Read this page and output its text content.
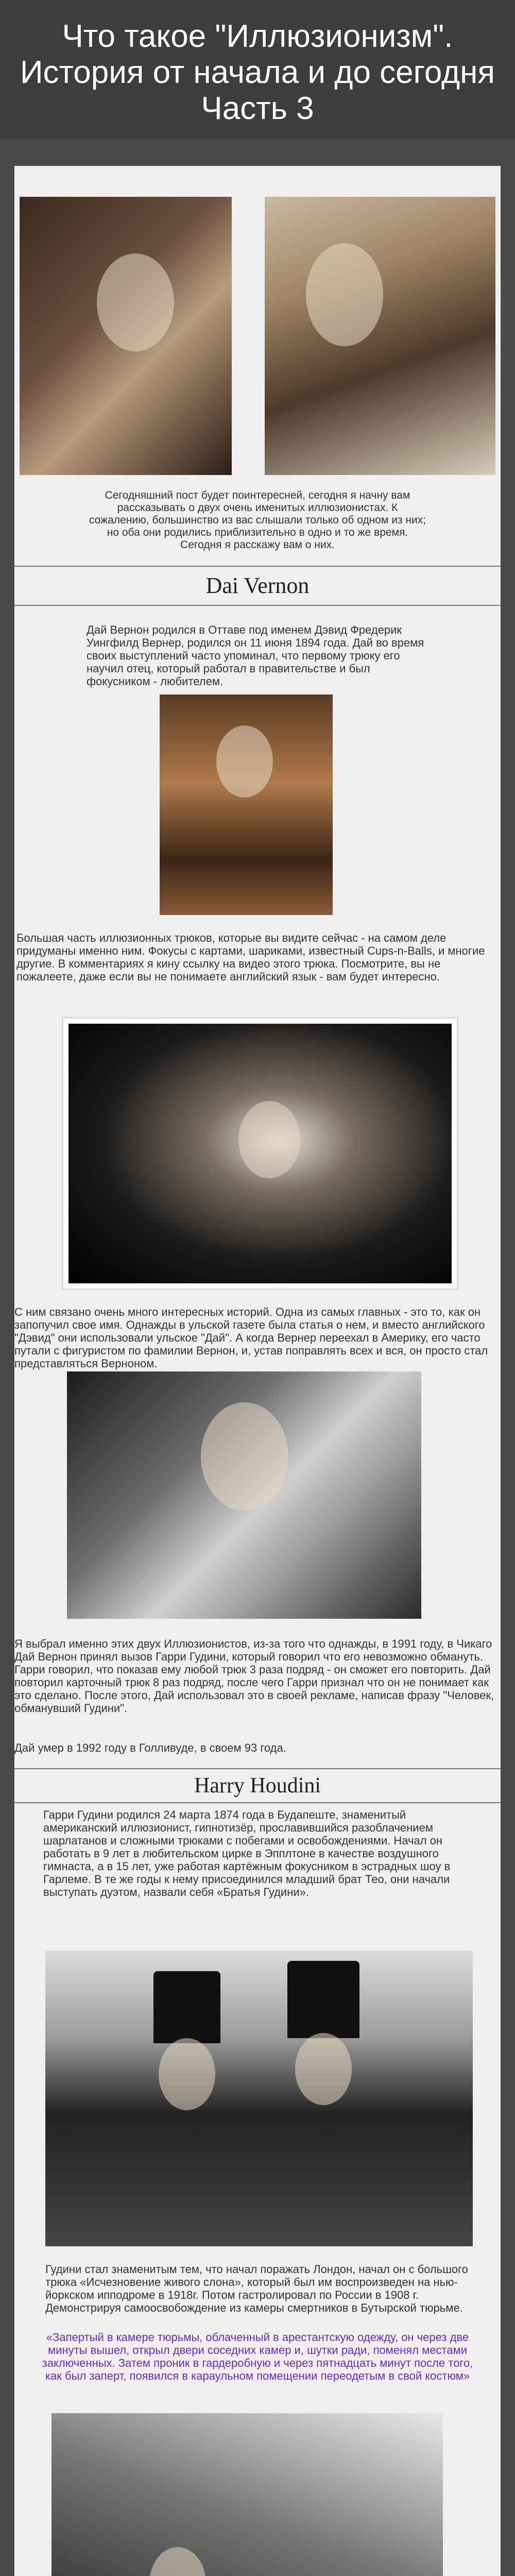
Что такое "Иллюзионизм".
История от начала и до сегодня
Часть 3
Сегодняшний пост будет поинтересней, сегодня я начну вам рассказывать о двух очень именитых иллюзионистах. К сожалению, большинство из вас слышали только об одном из них; но оба они родились приблизительно в одно и то же время. Сегодня я расскажу вам о них.
Dai Vernon
Дай Вернон родился в Оттаве под именем Дэвид Фредерик Уингфилд Вернер, родился он 11 июня 1894 года. Дай во время своих выступлений часто упоминал, что первому трюку его научил отец, который работал в правительстве и был фокусником - любителем.
Большая часть иллюзионных трюков, которые вы видите сейчас - на самом деле придуманы именно ним. Фокусы с картами, шариками, известный Cups-n-Balls, и многие другие. В комментариях я кину ссылку на видео этого трюка. Посмотрите, вы не пожалеете, даже если вы не понимаете английский язык - вам будет интересно.
С ним связано очень много интересных историй. Одна из самых главных - это то, как он запопучил свое имя. Однажды в ульской газете была статья о нем, и вместо английского "Дэвид" они использовали ульское "Дай". А когда Вернер переехал в Америку, его часто путали с фигуристом по фамилии Вернон, и, устав поправлять всех и вся, он просто стал представляться Верноном.
Я выбрал именно этих двух Иллюзионистов, из-за того что однажды, в 1991 году, в Чикаго Дай Вернон принял вызов Гарри Гудини, который говорил что его невозможно обмануть. Гарри говорил, что показав ему любой трюк 3 раза подряд - он сможет его повторить. Дай повторил карточный трюк 8 раз подряд, после чего Гарри признал что он не понимает как это сделано. После этого, Дай использовал это в своей рекламе, написав фразу "Человек, обманувший Гудини".
Дай умер в 1992 году в Голливуде, в своем 93 года.
Harry Houdini
Гарри Гудини родился 24 марта 1874 года в Будапеште, знаменитый американский иллюзионист, гипнотизёр, прославившийся разоблачением шарлатанов и сложными трюками с побегами и освобождениями. Начал он работать в 9 лет в любительском цирке в Эпплтоне в качестве воздушного гимнаста, а в 15 лет, уже работая картёжным фокусником в эстрадных шоу в Гарлеме. В те же годы к нему присоединился младший брат Тео, они начали выступать дуэтом, назвали себя «Братья Гудини».
Гудини стал знаменитым тем, что начал поражать Лондон, начал он с большого трюка «Исчезновение живого слона», который был им воспроизведен на нью-йоркском ипподроме в 1918г. Потом гастролировал по России в 1908 г. Демонстрируя самоосвобождение из камеры смертников в Бутырской тюрьме.
«Запертый в камере тюрьмы, облаченный в арестантскую одежду, он через две минуты вышел, открыл двери соседних камер и, шутки ради, поменял местами заключенных. Затем проник в гардеробную и через пятнадцать минут после того, как был заперт, появился в караульном помещении переодетым в свой костюм»
